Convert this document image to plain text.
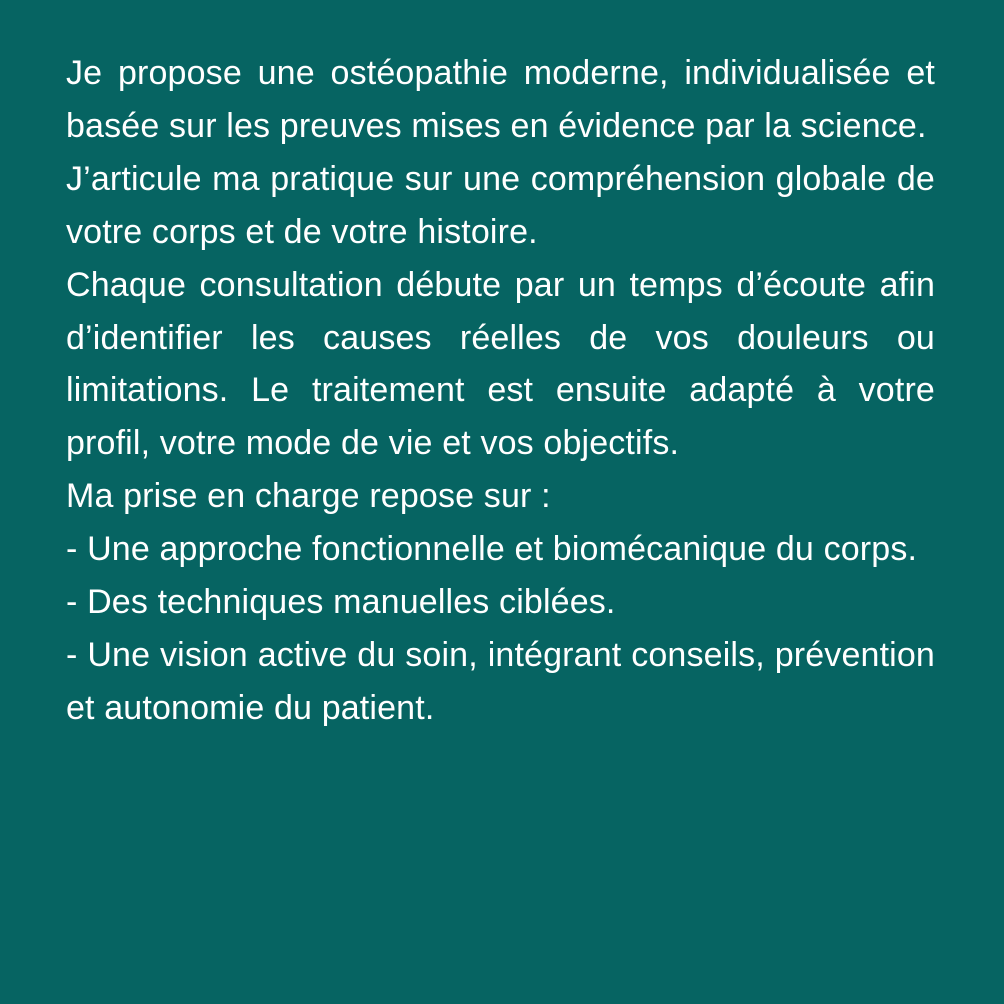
Je propose une ostéopathie moderne, individualisée et basée sur les preuves mises en évidence par la science.

J’articule ma pratique sur une compréhension globale de votre corps et de votre histoire.

Chaque consultation débute par un temps d’écoute afin d’identifier les causes réelles de vos douleurs ou limitations. Le traitement est ensuite adapté à votre profil, votre mode de vie et vos objectifs.

Ma prise en charge repose sur :

- Une approche fonctionnelle et biomécanique du corps.

- Des techniques manuelles ciblées.

- Une vision active du soin, intégrant conseils, prévention et autonomie du patient.
